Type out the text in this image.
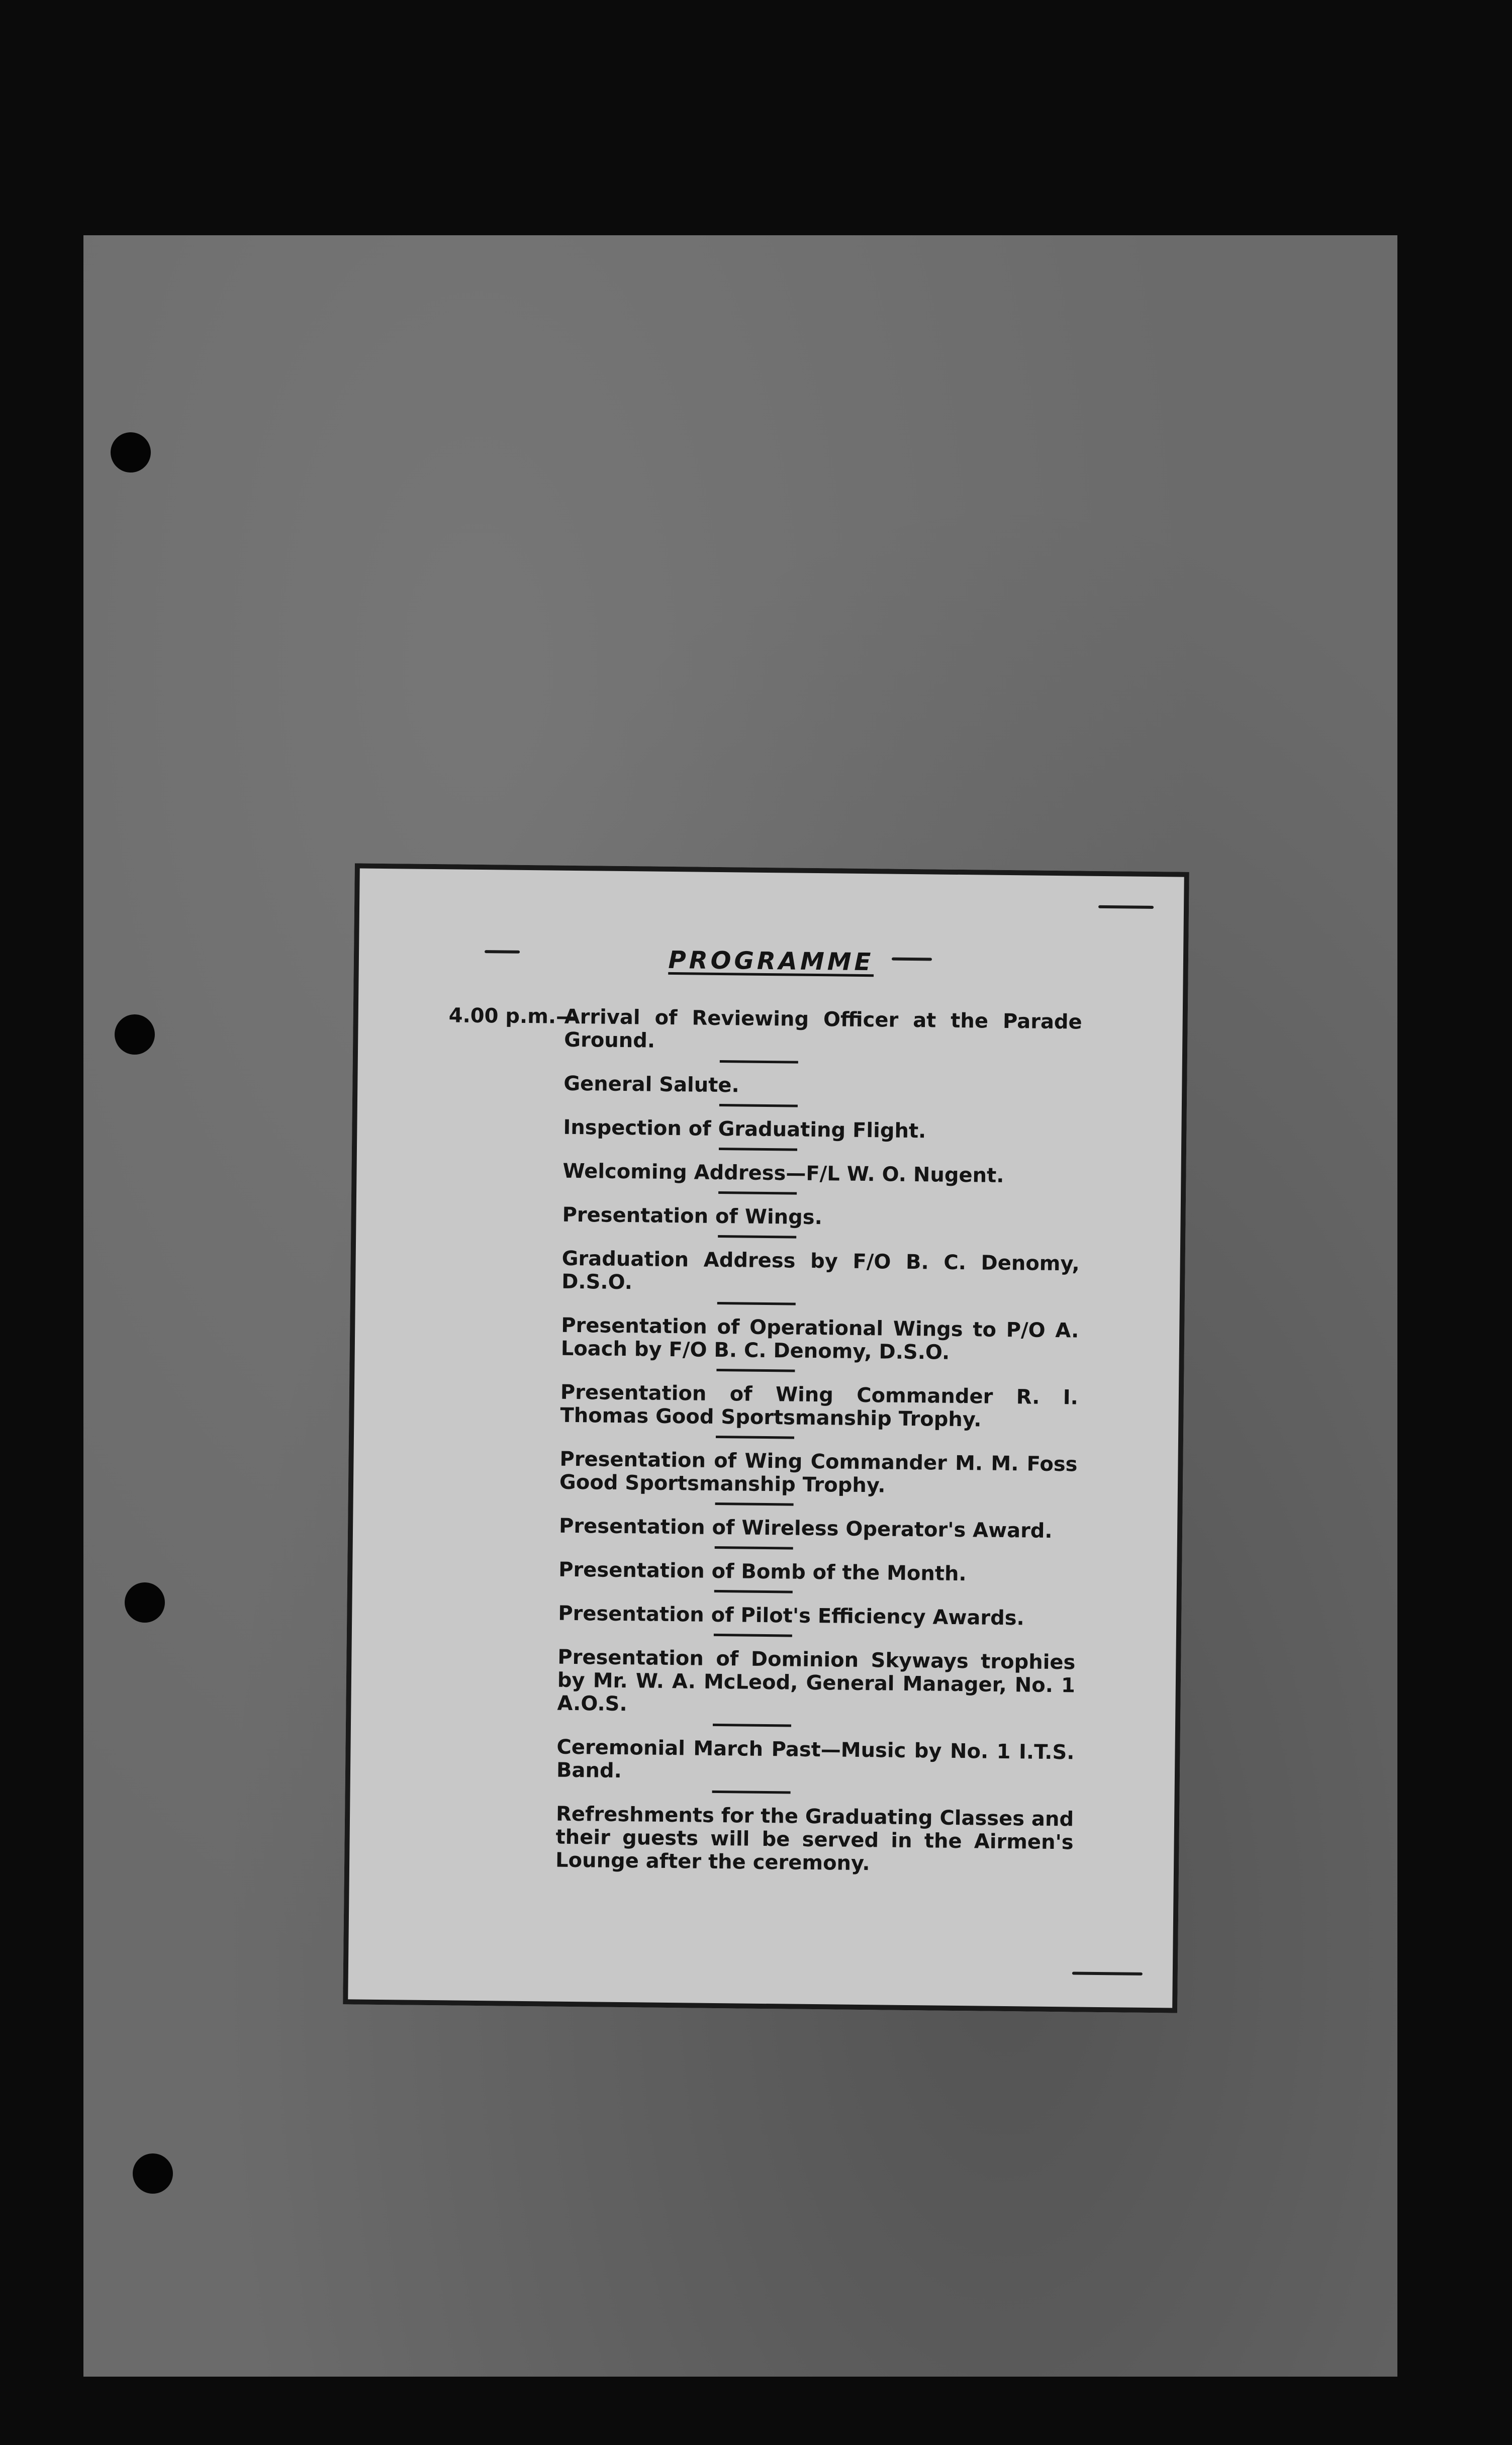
PROGRAMME
4.00 p.m.—
Arrival of Reviewing Officer at the Parade Ground.
General Salute.
Inspection of Graduating Flight.
Welcoming Address—F/L W. O. Nugent.
Presentation of Wings.
Graduation Address by F/O B. C. Denomy, D.S.O.
Presentation of Operational Wings to P/O A. Loach by F/O B. C. Denomy, D.S.O.
Presentation of Wing Commander R. I. Thomas Good Sportsmanship Trophy.
Presentation of Wing Commander M. M. Foss Good Sportsmanship Trophy.
Presentation of Wireless Operator's Award.
Presentation of Bomb of the Month.
Presentation of Pilot's Efficiency Awards.
Presentation of Dominion Skyways trophies by Mr. W. A. McLeod, General Manager, No. 1 A.O.S.
Ceremonial March Past—Music by No. 1 I.T.S. Band.
Refreshments for the Graduating Classes and their guests will be served in the Airmen's Lounge after the ceremony.
